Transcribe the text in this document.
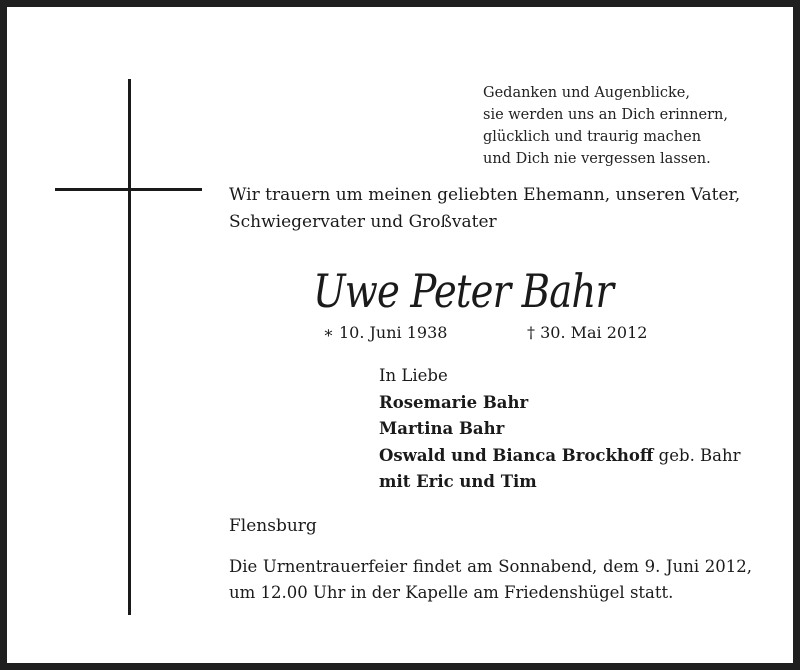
Gedanken und Augenblicke,
sie werden uns an Dich erinnern,
glücklich und traurig machen
und Dich nie vergessen lassen.
Wir trauern um meinen geliebten Ehemann, unseren Vater,
Schwiegervater und Großvater
Uwe Peter Bahr
∗ 10. Juni 1938	† 30. Mai 2012
In Liebe
Rosemarie Bahr
Martina Bahr
Oswald und Bianca Brockhoff geb. Bahr
mit Eric und Tim
Flensburg
Die Urnentrauerfeier findet am Sonnabend, dem 9. Juni 2012, um 12.00 Uhr in der Kapelle am Friedenshügel statt.
